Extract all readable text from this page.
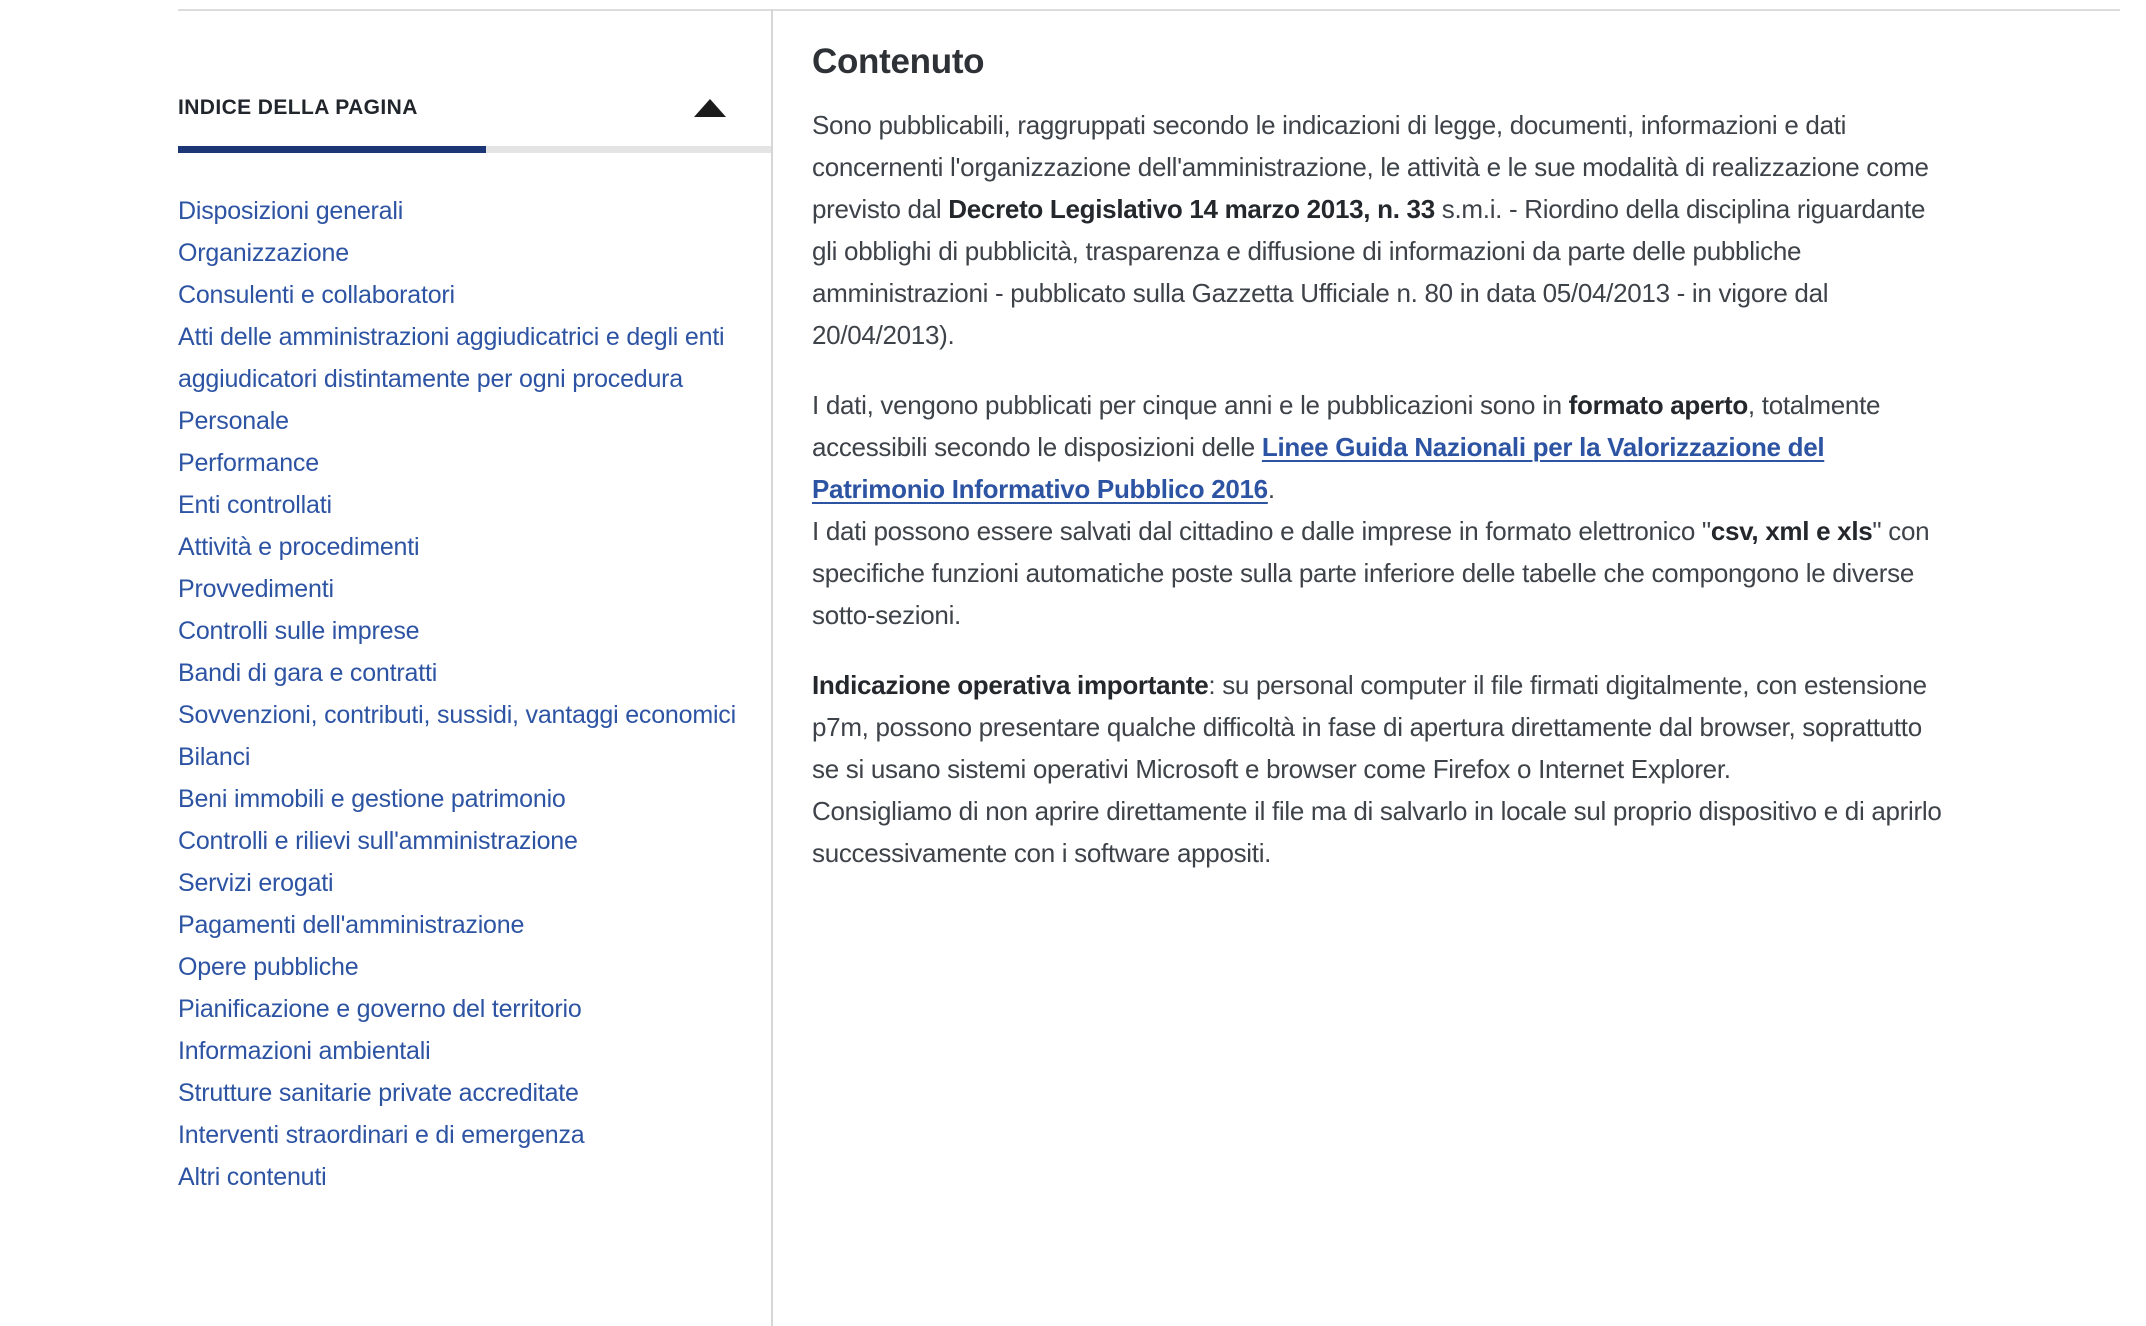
INDICE DELLA PAGINA
Disposizioni generali
Organizzazione
Consulenti e collaboratori
Atti delle amministrazioni aggiudicatrici e degli enti aggiudicatori distintamente per ogni procedura
Personale
Performance
Enti controllati
Attività e procedimenti
Provvedimenti
Controlli sulle imprese
Bandi di gara e contratti
Sovvenzioni, contributi, sussidi, vantaggi economici
Bilanci
Beni immobili e gestione patrimonio
Controlli e rilievi sull'amministrazione
Servizi erogati
Pagamenti dell'amministrazione
Opere pubbliche
Pianificazione e governo del territorio
Informazioni ambientali
Strutture sanitarie private accreditate
Interventi straordinari e di emergenza
Altri contenuti
Contenuto

Sono pubblicabili, raggruppati secondo le indicazioni di legge, documenti, informazioni e dati concernenti l'organizzazione dell'amministrazione, le attività e le sue modalità di realizzazione come previsto dal Decreto Legislativo 14 marzo 2013, n. 33 s.m.i. - Riordino della disciplina riguardante gli obblighi di pubblicità, trasparenza e diffusione di informazioni da parte delle pubbliche amministrazioni - pubblicato sulla Gazzetta Ufficiale n. 80 in data 05/04/2013 - in vigore dal 20/04/2013).

I dati, vengono pubblicati per cinque anni e le pubblicazioni sono in formato aperto, totalmente accessibili secondo le disposizioni delle Linee Guida Nazionali per la Valorizzazione del Patrimonio Informativo Pubblico 2016.
I dati possono essere salvati dal cittadino e dalle imprese in formato elettronico "csv, xml e xls" con specifiche funzioni automatiche poste sulla parte inferiore delle tabelle che compongono le diverse sotto-sezioni.

Indicazione operativa importante: su personal computer il file firmati digitalmente, con estensione p7m, possono presentare qualche difficoltà in fase di apertura direttamente dal browser, soprattutto se si usano sistemi operativi Microsoft e browser come Firefox o Internet Explorer.
Consigliamo di non aprire direttamente il file ma di salvarlo in locale sul proprio dispositivo e di aprirlo successivamente con i software appositi.
